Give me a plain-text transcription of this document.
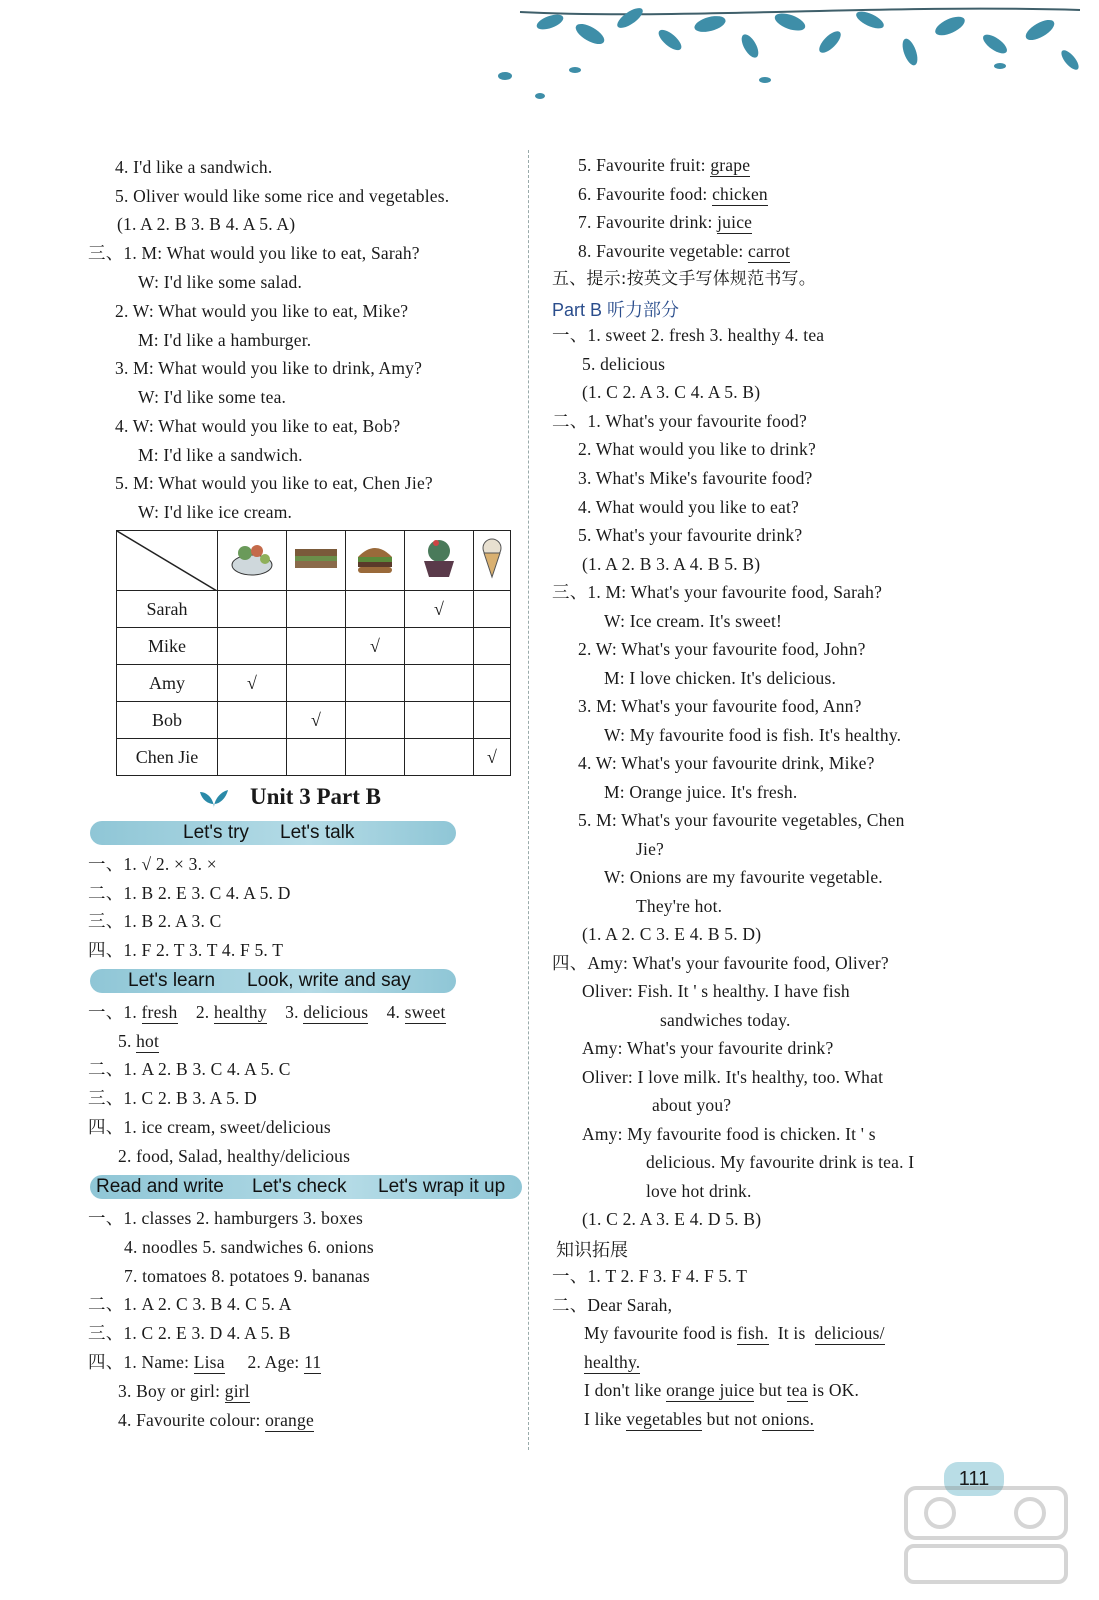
4. I'd like a sandwich.
5. Oliver would like some rice and vegetables.
(1. A 2. B 3. B 4. A 5. A)
三、1. M: What would you like to eat, Sarah?
W: I'd like some salad.
2. W: What would you like to eat, Mike?
M: I'd like a hamburger.
3. M: What would you like to drink, Amy?
W: I'd like some tea.
4. W: What would you like to eat, Bob?
M: I'd like a sandwich.
5. M: What would you like to eat, Chen Jie?
W: I'd like ice cream.

Sarah				√	
Mike			√		
Amy	√				
Bob		√			
Chen Jie					√
Unit 3 Part B
Let's try Let's talk
一、1. √ 2. × 3. ×
二、1. B 2. E 3. C 4. A 5. D
三、1. B 2. A 3. C
四、1. F 2. T 3. T 4. F 5. T
Let's learn Look, write and say
一、1. fresh 2. healthy 3. delicious 4. sweet
5. hot
二、1. A 2. B 3. C 4. A 5. C
三、1. C 2. B 3. A 5. D
四、1. ice cream, sweet/delicious
2. food, Salad, healthy/delicious
Read and write Let's check Let's wrap it up
一、1. classes 2. hamburgers 3. boxes
4. noodles 5. sandwiches 6. onions
7. tomatoes 8. potatoes 9. bananas
二、1. A 2. C 3. B 4. C 5. A
三、1. C 2. E 3. D 4. A 5. B
四、1. Name: Lisa 2. Age: 11
3. Boy or girl: girl
4. Favourite colour: orange
5. Favourite fruit: grape
6. Favourite food: chicken
7. Favourite drink: juice
8. Favourite vegetable: carrot
五、提示:按英文手写体规范书写。
Part B 听力部分
一、1. sweet 2. fresh 3. healthy 4. tea
5. delicious
(1. C 2. A 3. C 4. A 5. B)
二、1. What's your favourite food?
2. What would you like to drink?
3. What's Mike's favourite food?
4. What would you like to eat?
5. What's your favourite drink?
(1. A 2. B 3. A 4. B 5. B)
三、1. M: What's your favourite food, Sarah?
W: Ice cream. It's sweet!
2. W: What's your favourite food, John?
M: I love chicken. It's delicious.
3. M: What's your favourite food, Ann?
W: My favourite food is fish. It's healthy.
4. W: What's your favourite drink, Mike?
M: Orange juice. It's fresh.
5. M: What's your favourite vegetables, Chen
Jie?
W: Onions are my favourite vegetable.
They're hot.
(1. A 2. C 3. E 4. B 5. D)
四、Amy: What's your favourite food, Oliver?
Oliver: Fish. It ' s healthy. I have fish
sandwiches today.
Amy: What's your favourite drink?
Oliver: I love milk. It's healthy, too. What
about you?
Amy: My favourite food is chicken. It ' s
delicious. My favourite drink is tea. I
love hot drink.
(1. C 2. A 3. E 4. D 5. B)
知识拓展
一、1. T 2. F 3. F 4. F 5. T
二、Dear Sarah,
My favourite food is fish. It is delicious/
healthy.
I don't like orange juice but tea is OK.
I like vegetables but not onions.
111
